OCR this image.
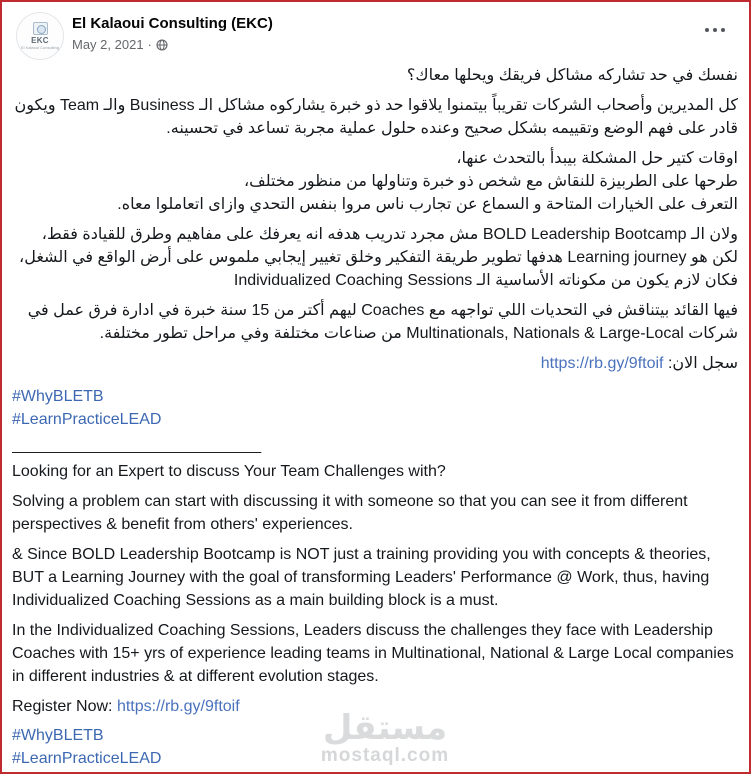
EKC
El Kalaoui Consulting
El Kalaoui Consulting (EKC)
May 2, 2021 ·

نفسك في حد تشاركه مشاكل فريقك ويحلها معاك؟

كل المديرين وأصحاب الشركات تقريباً بيتمنوا يلاقوا حد ذو خبرة يشاركوه مشاكل الـ Business والـ Team ويكون قادر على فهم الوضع وتقييمه بشكل صحيح وعنده حلول عملية مجربة تساعد في تحسينه.

اوقات كتير حل المشكلة بيبدأ بالتحدث عنها،
طرحها على الطربيزة للنقاش مع شخص ذو خبرة وتناولها من منظور مختلف،
التعرف على الخيارات المتاحة و السماع عن تجارب ناس مروا بنفس التحدي وازاى اتعاملوا معاه.

ولان الـ BOLD Leadership Bootcamp مش مجرد تدريب هدفه انه يعرفك على مفاهيم وطرق للقيادة فقط، لكن هو Learning journey هدفها تطوير طريقة التفكير وخلق تغيير إيجابي ملموس على أرض الواقع في الشغل، فكان لازم يكون من مكوناته الأساسية الـ Individualized Coaching Sessions

فيها القائد بيتناقش في التحديات اللي تواجهه مع Coaches ليهم أكتر من 15 سنة خبرة في ادارة فرق عمل في شركات Multinationals, Nationals & Large-Local من صناعات مختلفة وفي مراحل تطور مختلفة.

سجل الان: https://rb.gy/9ftoif

#WhyBLETB
#LearnPracticeLEAD
____________________________

Looking for an Expert to discuss Your Team Challenges with?

Solving a problem can start with discussing it with someone so that you can see it from different perspectives & benefit from others' experiences.

& Since BOLD Leadership Bootcamp is NOT just a training providing you with concepts & theories, BUT a Learning Journey with the goal of transforming Leaders' Performance @ Work, thus, having Individualized Coaching Sessions as a main building block is a must.

In the Individualized Coaching Sessions, Leaders discuss the challenges they face with Leadership Coaches with 15+ yrs of experience leading teams in Multinational, National & Large Local companies in different industries & at different evolution stages.

Register Now: https://rb.gy/9ftoif

#WhyBLETB
#LearnPracticeLEAD
مستقل
mostaql.com
